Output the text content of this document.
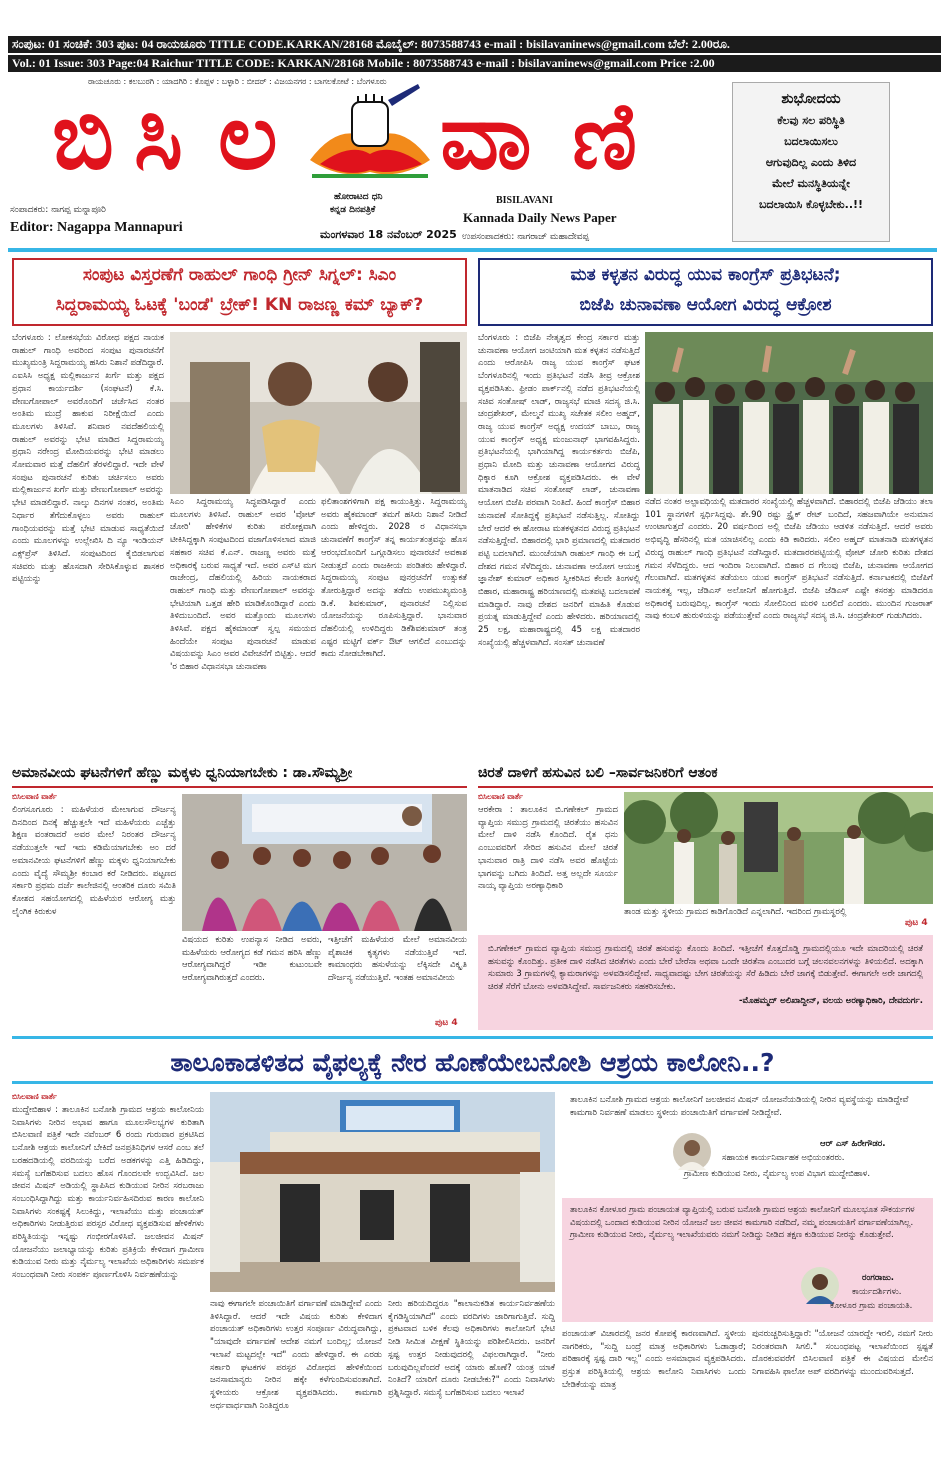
ಸಂಪುಟ: 01 ಸಂಚಿಕೆ: 303 ಪುಟ: 04 ರಾಯಚೂರು TITLE CODE.KARKAN/28168 ಮೊಬೈಲ್: 8073588743 e-mail : bisilavaninews@gmail.com ಬೆಲೆ: 2.00ರೂ.
Vol.: 01 Issue: 303 Page:04 Raichur TITLE CODE: KARKAN/28168 Mobile : 8073588743 e-mail : bisilavaninews@gmail.com Price :2.00
ರಾಯಚೂರು : ಕಲಬುರಗಿ : ಯಾದಗಿರಿ : ಕೊಪ್ಪಳ : ಬಳ್ಳಾರಿ : ಬೀದರ್ : ವಿಜಯನಗರ : ಬಾಗಲಕೋಟೆ : ಬೆಂಗಳೂರು
ಬಿ ಸಿ ಲ ವಾ ಣಿ
ಹೋರಾಟದ ಧನಿ
ಕನ್ನಡ ದಿನಪತ್ರಿಕೆ
BISILAVANI
Kannada Daily News Paper
ಸಂಪಾದಕರು: ನಾಗಪ್ಪ ಮನ್ನಾಪೂರಿ
Editor: Nagappa Mannapuri	ಮಂಗಳವಾರ 18 ನವೆಂಬರ್ 2025 ಉಪಸಂಪಾದಕರು: ನಾಗರಾಜ್ ಮಹಾದೇವಪ್ಪ
ಶುಭೋದಯ
ಕೆಲವು ಸಲ ಪರಿಸ್ಥಿತಿ
ಬದಲಾಯಿಸಲು
ಆಗುವುದಿಲ್ಲ ಎಂದು ತಿಳಿದ
ಮೇಲೆ ಮನಸ್ಥಿತಿಯನ್ನೇ
ಬದಲಾಯಿಸಿ ಕೊಳ್ಳಬೇಕು..!!
ಸಂಪುಟ ವಿಸ್ತರಣೆಗೆ ರಾಹುಲ್ ಗಾಂಧಿ ಗ್ರೀನ್ ಸಿಗ್ನಲ್: ಸಿಎಂ
ಸಿದ್ದರಾಮಯ್ಯ ಓಟಕ್ಕೆ 'ಬಂಡೆ' ಬ್ರೇಕ್! KN ರಾಜಣ್ಣ ಕಮ್ ಬ್ಯಾಕ್?
ಬೆಂಗಳೂರು : ಲೋಕಸಭೆಯ ವಿರೋಧ ಪಕ್ಷದ ನಾಯಕ ರಾಹುಲ್ ಗಾಂಧಿ ಅವರಿಂದ ಸಂಪುಟ ಪುನಾರಚನೆಗೆ ಮುಖ್ಯಮಂತ್ರಿ ಸಿದ್ದರಾಮಯ್ಯ ಹಸಿರು ನಿಶಾನೆ ಪಡೆದಿದ್ದಾರೆ. ಎಐಸಿಸಿ ಅಧ್ಯಕ್ಷ ಮಲ್ಲಿಕಾರ್ಜುನ ಖರ್ಗೆ ಮತ್ತು ಪಕ್ಷದ ಪ್ರಧಾನ ಕಾರ್ಯದರ್ಶಿ (ಸಂಘಟನೆ) ಕೆ.ಸಿ. ವೇಣುಗೋಪಾಲ್ ಅವರೊಂದಿಗೆ ಚರ್ಚೆಸಿದ ನಂತರ ಅಂತಿಮ ಮುದ್ರೆ ಹಾಕುವ ನಿರೀಕ್ಷೆಯಿದೆ ಎಂದು ಮೂಲಗಳು ತಿಳಿಸಿವೆ. ಶನಿವಾರ ನವದೆಹಲಿಯಲ್ಲಿ ರಾಹುಲ್ ಅವರನ್ನು ಭೇಟಿ ಮಾಡಿದ ಸಿದ್ದರಾಮಯ್ಯ ಪ್ರಧಾನಿ ನರೇಂದ್ರ ಮೋದಿಯವರನ್ನು ಭೇಟಿ ಮಾಡಲು ಸೋಮವಾರ ಮತ್ತೆ ದೆಹಲಿಗೆ ತೆರಳಲಿದ್ದಾರೆ. ಇದೇ ವೇಳೆ ಸಂಪುಟ ಪುನಾರಚನೆ ಕುರಿತು ಚರ್ಚಿಸಲು ಅವರು ಮಲ್ಲಿಕಾರ್ಜುನ ಖರ್ಗೆ ಮತ್ತು ವೇಣುಗೋಪಾಲ್ ಅವರನ್ನು ಭೇಟಿ ಮಾಡಲಿದ್ದಾರೆ. ನಾಲ್ಕು ದಿನಗಳ ನಂತರ, ಅಂತಿಮ ನಿರ್ಧಾರ ತೆಗೆದುಕೊಳ್ಳಲು ಅವರು ರಾಹುಲ್ ಗಾಂಧಿಯವರನ್ನು ಮತ್ತೆ ಭೇಟಿ ಮಾಡುವ ಸಾಧ್ಯತೆಯಿದೆ ಎಂದು ಮೂಲಗಳನ್ನು ಉಲ್ಲೇಖಿಸಿ ದಿ ನ್ಯೂ ಇಂಡಿಯನ್ ಎಕ್ಸ್‌ಪ್ರೆಸ್ ತಿಳಿಸಿದೆ. ಸಂಪುಟದಿಂದ ಕೈಬಿಡಲಾಗುವ ಸಚಿವರು ಮತ್ತು ಹೊಸದಾಗಿ ಸೇರಿಸಿಕೊಳ್ಳುವ ಶಾಸಕರ ಪಟ್ಟಿಯನ್ನು
ಸಿಎಂ ಸಿದ್ದರಾಮಯ್ಯ ಸಿದ್ಧಪಡಿಸಿದ್ದಾರೆ ಎಂದು ಮೂಲಗಳು ತಿಳಿಸಿವೆ. ರಾಹುಲ್ ಅವರ 'ವೋಟ್ ಚೋರಿ' ಹೇಳಿಕೆಗಳ ಕುರಿತು ಪರೋಕ್ಷವಾಗಿ ಟೀಕಿಸಿದ್ದಕ್ಕಾಗಿ ಸಂಪುಟದಿಂದ ವಜಾಗೊಳಿಸಲಾದ ಮಾಜಿ ಸಹಕಾರ ಸಚಿವ ಕೆ.ಎನ್. ರಾಜಣ್ಣ ಅವರು ಮತ್ತೆ ಅಧಿಕಾರಕ್ಕೆ ಬರುವ ಸಾಧ್ಯತೆ ಇದೆ. ಅವರ ಎಸ್‌ಟಿ ಮಗ ರಾಜೇಂದ್ರ, ದೆಹಲಿಯಲ್ಲಿ ಹಿರಿಯ ನಾಯಕರಾದ ರಾಹುಲ್ ಗಾಂಧಿ ಮತ್ತು ವೇಣುಗೋಪಾಲ್ ಅವರನ್ನು ಭೇಟಿಯಾಗಿ ಒತ್ತಡ ಹೇರಿ ಮಾಡಿಕೊಂಡಿದ್ದಾರೆ ಎಂದು ತಿಳಿದುಬಂದಿದೆ. ಅವರ ಮತ್ತೊಂದು ಮೂಲಗಳು ತಿಳಿಸಿವೆ. ಪಕ್ಷದ ಹೈಕಮಾಂಡ್ ಸ್ವಲ್ಪ ಸಮಯದ ಹಿಂದೆಯೇ ಸಂಪುಟ ಪುನಾರಚನೆ ಮಾಡುವ ವಿಷಯವನ್ನು ಸಿಎಂ ಅವರ ವಿವೇಚನೆಗೆ ಬಿಟ್ಟಿತ್ತು. ಆದರೆ 'ರ ಬಿಹಾರ ವಿಧಾನಸಭಾ ಚುನಾವಣಾ
ಫಲಿತಾಂಶಗಳಿಗಾಗಿ ಪಕ್ಷ ಕಾಯುತ್ತಿತ್ತು. ಸಿದ್ದರಾಮಯ್ಯ ಅವರು ಹೈಕಮಾಂಡ್ ತಮಗೆ ಹಸಿರು ನಿಶಾನೆ ನೀಡಿದೆ ಎಂದು ಹೇಳಿದ್ದರು. 2028 ರ ವಿಧಾನಸಭಾ ಚುನಾವಣೆಗೆ ಕಾಂಗ್ರೆಸ್ ತನ್ನ ಕಾರ್ಯತಂತ್ರವನ್ನು ಹೊಸ ಆರಂಭದೊಂದಿಗೆ ಒಗ್ಗೂಡಿಸಲು ಪುನಾರಚನೆ ಅವಕಾಶ ನೀಡುತ್ತದೆ ಎಂದು ರಾಜಕೀಯ ಪಂಡಿತರು ಹೇಳಿದ್ದಾರೆ. ಸಿದ್ದರಾಮಯ್ಯ ಸಂಪುಟ ಪುನರ್ರಚನೆಗೆ ಉತ್ಸುಕತೆ ತೋರುತ್ತಿದ್ದಾರೆ ಅದನ್ನು ತಡೆದು ಉಪಮುಖ್ಯಮಂತ್ರಿ ಡಿ.ಕೆ. ಶಿವಕುಮಾರ್, ಪುನಾರಚನೆ ನಿಲ್ಲಿಸುವ ಯೋಜನೆಯನ್ನು ರೂಪಿಸುತ್ತಿದ್ದಾರೆ. ಭಾನುವಾರ ದೆಹಲಿಯಲ್ಲಿ ಉಳಿದಿದ್ದರು ಡಿಕೆಶಿವಕುಮಾರ್ ತಂತ್ರ ಎಷ್ಟರ ಮಟ್ಟಿಗೆ ವರ್ಕ್ ಔಟ್ ಆಗಲಿದೆ ಎಂಬುದನ್ನು ಕಾದು ನೋಡಬೇಕಾಗಿದೆ.
ಮತ ಕಳ್ಳತನ ವಿರುದ್ಧ ಯುವ ಕಾಂಗ್ರೆಸ್ ಪ್ರತಿಭಟನೆ;
ಬಿಜೆಪಿ ಚುನಾವಣಾ ಆಯೋಗ ವಿರುದ್ಧ ಆಕ್ರೋಶ
ಬೆಂಗಳೂರು : ಬಿಜೆಪಿ ನೇತೃತ್ವದ ಕೇಂದ್ರ ಸರ್ಕಾರ ಮತ್ತು ಚುನಾವಣಾ ಆಯೋಗ ಜಂಟಿಯಾಗಿ ಮತ ಕಳ್ಳತನ ನಡೆಸುತ್ತಿದೆ ಎಂದು ಆರೋಪಿಸಿ ರಾಜ್ಯ ಯುವ ಕಾಂಗ್ರೆಸ್ ಘಟಕ ಬೆಂಗಳೂರಿನಲ್ಲಿ ಇಂದು ಪ್ರತಿಭಟನೆ ನಡೆಸಿ ತೀವ್ರ ಆಕ್ರೋಶ ವ್ಯಕ್ತಪಡಿಸಿತು. ಫ್ರೀಡಂ ಪಾರ್ಕ್‌ನಲ್ಲಿ ನಡೆದ ಪ್ರತಿಭಟನೆಯಲ್ಲಿ ಸಚಿವ ಸಂತೋಷ್ ಲಾಡ್, ರಾಜ್ಯಸಭೆ ಮಾಜಿ ಸದಸ್ಯ ಜಿ.ಸಿ. ಚಂದ್ರಶೇಖರ್, ಮೇಲ್ಮನೆ ಮುಖ್ಯ ಸಚೇತಕ ಸಲೀಂ ಅಹ್ಮದ್, ರಾಜ್ಯ ಯುವ ಕಾಂಗ್ರೆಸ್ ಅಧ್ಯಕ್ಷ ಉದಯ್ ಬಾಬು, ರಾಜ್ಯ ಯುವ ಕಾಂಗ್ರೆಸ್ ಅಧ್ಯಕ್ಷ ಮಂಜುನಾಥ್ ಭಾಗವಹಿಸಿದ್ದರು. ಪ್ರತಿಭಟನೆಯಲ್ಲಿ ಭಾಗಿಯಾಗಿದ್ದ ಕಾರ್ಯಕರ್ತರು ಬಿಜೆಪಿ, ಪ್ರಧಾನಿ ಮೋದಿ ಮತ್ತು ಚುನಾವಣಾ ಆಯೋಗದ ವಿರುದ್ಧ ಧಿಕ್ಕಾರ ಕೂಗಿ ಆಕ್ರೋಶ ವ್ಯಕ್ತಪಡಿಸಿದರು. ಈ ವೇಳೆ ಮಾತನಾಡಿದ ಸಚಿವ ಸಂತೋಷ್ ಲಾಡ್, ಚುನಾವಣಾ ಆಯೋಗ ಬಿಜೆಪಿ ಪರವಾಗಿ ನಿಂತಿದೆ. ಹಿಂದೆ ಕಾಂಗ್ರೆಸ್ ಬಿಹಾರ ಚುನಾವಣೆ ಸೋತಿದ್ದಕ್ಕೆ ಪ್ರತಿಭಟನೆ ನಡೆಸುತ್ತಿಲ್ಲ. ಸೋತಿದ್ದು ಬೇರೆ ಆದರೆ ಈ ಹೋರಾಟ ಮತಕಳ್ಳತನದ ವಿರುದ್ಧ ಪ್ರತಿಭಟನೆ ನಡೆಸುತ್ತಿದ್ದೇವೆ. ಬಿಹಾರದಲ್ಲಿ ಭಾರಿ ಪ್ರಮಾಣದಲ್ಲಿ ಮತದಾರರ ಪಟ್ಟಿ ಬದಲಾಗಿದೆ. ಮುಂಚೆಯಾಗಿ ರಾಹುಲ್ ಗಾಂಧಿ ಈ ಬಗ್ಗೆ ದೇಶದ ಗಮನ ಸೆಳೆದಿದ್ದರು. ಚುನಾವಣಾ ಆಯೋಗ ಆಯುಕ್ತ ಜ್ಞಾನೇಶ್ ಕುಮಾರ್ ಅಧಿಕಾರ ಸ್ವೀಕರಿಸಿದ ಕೆಲವೇ ತಿಂಗಳಲ್ಲಿ ಬಿಹಾರ, ಮಹಾರಾಷ್ಟ್ರ ಹರಿಯಾಣದಲ್ಲಿ ಮತಪಟ್ಟಿ ಬದಲಾವಣೆ ಮಾಡಿದ್ದಾರೆ. ನಾವು ದೇಶದ ಜನರಿಗೆ ಮಾಹಿತಿ ಕೊಡುವ ಪ್ರಯತ್ನ ಮಾಡುತ್ತಿದ್ದೇವೆ ಎಂದು ಹೇಳಿದರು. ಹರಿಯಾಣದಲ್ಲಿ 25 ಲಕ್ಷ, ಮಹಾರಾಷ್ಟ್ರದಲ್ಲಿ 45 ಲಕ್ಷ ಮತದಾರರ ಸಂಖ್ಯೆಯಲ್ಲಿ ಹೆಚ್ಚಳವಾಗಿದೆ. ಸಂಸತ್ ಚುನಾವಣೆ
ನಡೆದ ನಂತರ ಅಲ್ಪಾವಧಿಯಲ್ಲಿ ಮತದಾರರ ಸಂಖ್ಯೆಯಲ್ಲಿ ಹೆಚ್ಚಳವಾಗಿದೆ. ಬಿಹಾರದಲ್ಲಿ ಬಿಜೆಪಿ ಜೆಡಿಯು ತಲಾ 101 ಸ್ಥಾನಗಳಿಗೆ ಸ್ಪರ್ಧಿಸಿದ್ದವು. ಶೇ.90 ರಷ್ಟು ಸ್ಟ್ರೈಕ್ ರೇಟ್ ಬಂದಿದೆ, ಸಹಜವಾಗಿಯೇ ಅನುಮಾನ ಉಂಟಾಗುತ್ತದೆ ಎಂದರು. 20 ವರ್ಷದಿಂದ ಅಲ್ಲಿ ಬಿಜೆಪಿ ಜೆಡಿಯು ಆಡಳಿತ ನಡೆಸುತ್ತಿದೆ. ಆದರೆ ಅವರು ಅಭಿವೃದ್ಧಿ ಹೆಸರಿನಲ್ಲಿ ಮತ ಯಾಚಿಸಲಿಲ್ಲ ಎಂದು ಕಿಡಿ ಕಾರಿದರು. ಸಲೀಂ ಅಹ್ಮದ್ ಮಾತನಾಡಿ ಮತಗಳ್ಳತನ ವಿರುದ್ಧ ರಾಹುಲ್ ಗಾಂಧಿ ಪ್ರತಿಭಟನೆ ನಡೆಸಿದ್ದಾರೆ. ಮತದಾರರಪಟ್ಟಿಯಲ್ಲಿ ವೋಟ್ ಚೋರಿ ಕುರಿತು ದೇಶದ ಗಮನ ಸೆಳೆದಿದ್ದರು. ಆದ ಇಂದಿರಾ ನಿಲುವಾಗಿದೆ. ಬಿಹಾರ ದ ಗೆಲುವು ಬಿಜೆಪಿ, ಚುನಾವಣಾ ಆಯೋಗದ ಗೆಲುವಾಗಿದೆ. ಮತಗಳ್ಳತನ ತಡೆಯಲು ಯುವ ಕಾಂಗ್ರೆಸ್ ಪ್ರತಿಭಟನೆ ನಡೆಸುತ್ತಿದೆ. ಕರ್ನಾಟಕದಲ್ಲಿ ಬಿಜೆಪಿಗೆ ನಾಯಕತ್ವ ಇಲ್ಲ, ಜೆಡಿಎಸ್ ಅಲೋನಿಗೆ ಹೋಗುತ್ತಿದೆ. ಬಿಜೆಪಿ ಜೆಡಿಎಸ್ ಎಷ್ಟೇ ಕಸರತ್ತು ಮಾಡಿದರೂ ಅಧಿಕಾರಕ್ಕೆ ಬರುವುದಿಲ್ಲ. ಕಾಂಗ್ರೆಸ್ ಇಂದು ಸೋಲಿನಿಂದ ಮರಳಿ ಬರಲಿದೆ ಎಂದರು. ಮುಂದಿನ ಗುಜರಾತ್ ನಾವು ಕಂಬಳಿ ಹುರುಳಿಯನ್ನು ಪಡೆಯುತ್ತೇವೆ ಎಂದು ರಾಜ್ಯಸಭೆ ಸದಸ್ಯ ಜಿ.ಸಿ. ಚಂದ್ರಶೇಖರ್ ಗುಡುಗಿದರು.
ಅಮಾನವೀಯ ಘಟನೆಗಳಿಗೆ ಹೆಣ್ಣು ಮಕ್ಕಳು ಧ್ವನಿಯಾಗಬೇಕು : ಡಾ.ಸೌಮ್ಯಶ್ರೀ
ಬಿಸಿಲವಾಣಿ ವಾರ್ತೆ
ಲಿಂಗಸೂಗೂರು : ಮಹಿಳೆಯರ ಮೇಲಾಗುವ ದೌರ್ಜನ್ಯ ದಿನದಿಂದ ದಿನಕ್ಕೆ ಹೆಚ್ಚುತ್ತಲೇ ಇದೆ ಮಹಿಳೆಯರು ಎಚ್ಚೆತ್ತು ಶಿಕ್ಷಣ ವಂತರಾದರೆ ಅವರ ಮೇಲೆ ನಿರಂತರ ದೌರ್ಜನ್ಯ ನಡೆಯುತ್ತಲೇ ಇದೆ ಇದು ಕಡಿಮೆಯಾಗಬೇಕು ಅಂ ದರೆ ಅಮಾನವೀಯ ಘಟನೆಗಳಿಗೆ ಹೆಣ್ಣು ಮಕ್ಕಳು ಧ್ವನಿಯಾಗಬೇಕು ಎಂದು ವೈದ್ಯೆ ಸೌಮ್ಯಶ್ರೀ ಕಂಬಾರ ಕರೆ ನೀಡಿದರು. ಪಟ್ಟಣದ ಸರ್ಕಾರಿ ಪ್ರಥಮ ದರ್ಜೆ ಕಾಲೇಜಿನಲ್ಲಿ ಆಂತರಿಕ ದೂರು ಸಮಿತಿ ಕೋಶದ ಸಹಯೋಗದಲ್ಲಿ ಮಹಿಳೆಯರ ಆರೋಗ್ಯ ಮತ್ತು ಲೈಂಗಿಕ ಕಿರುಕುಳ
ವಿಷಯದ ಕುರಿತು ಉಪನ್ಯಾಸ ನೀಡಿದ ಅವರು, ಮಹಿಳೆಯರು ಆರೋಗ್ಯದ ಕಡೆ ಗಮನ ಹರಿಸಿ ಹೆಣ್ಣು ಆರೋಗ್ಯವಾಗಿದ್ದರೆ ಇಡೀ ಕುಟುಂಬವೇ ಆರೋಗ್ಯವಾಗಿರುತ್ತದೆ ಎಂದರು.
ಇತ್ತೀಚೆಗೆ ಮಹಿಳೆಯರ ಮೇಲೆ ಅಮಾನವೀಯ ಪೈಶಾಚಿಕ ಕೃತ್ಯಗಳು ನಡೆಯುತ್ತಿವೆ ಇದೆ. ಕಾಮಾಂಧರು ಹಸುಳೆಯನ್ನು ಲೆಕ್ಕಿಸದೇ ವಿಕ್ಕೃತಿ ದೌರ್ಜನ್ಯ ನಡೆಯುತ್ತಿವೆ. ಇಂತಹ ಅಮಾನವೀಯ
ಪುಟ 4
ಚಿರತೆ ದಾಳಿಗೆ ಹಸುವಿನ ಬಲಿ –ಸಾರ್ವಜನಿಕರಿಗೆ ಆತಂಕ
ಬಿಸಿಲವಾಣಿ ವಾರ್ತೆ
ಆರಕೇರಾ : ತಾಲೂಕಿನ ಬಿ.ಗಣೇಕಲ್ ಗ್ರಾಮದ ವ್ಯಾಪ್ತಿಯ ಸಮುದ್ರ ಗ್ರಾಮದಲ್ಲಿ ಚಿರತೆಯು ಹಸುವಿನ ಮೇಲೆ ದಾಳಿ ನಡೆಸಿ ಕೊಂದಿದೆ. ರೈತ ಧನು ಎಂಬುವವರಿಗೆ ಸೇರಿದ ಹಸುವಿನ ಮೇಲೆ ಚಿರತೆ ಭಾನುವಾರ ರಾತ್ರಿ ದಾಳಿ ನಡೆಸಿ ಅವರ ಹೊಟ್ಟೆಯ ಭಾಗವನ್ನು ಬಗಿದು ತಿಂದಿದೆ. ಅತ್ತ ಅಲ್ಲದೇ ಸೂರ್ಯ ನಾಯ್ಕ ವ್ಯಾಪ್ತಿಯ ಅರಣ್ಯಾಧಿಕಾರಿ
ತಾಂಡ ಮತ್ತು ಸ್ಥಳೀಯ ಗ್ರಾಮದ ಕಾಡಿಗೊಂಡಿದೆ ಎನ್ನಲಾಗಿದೆ. ಇದರಿಂದ ಗ್ರಾಮಸ್ಥರಲ್ಲಿ
ಪುಟ 4
ಬಿ.ಗಣೇಕಲ್ ಗ್ರಾಮದ ವ್ಯಾಪ್ತಿಯ ಸಮುದ್ರ ಗ್ರಾಮದಲ್ಲಿ ಚಿರತೆ ಹಸುವನ್ನು ಕೊಂದು ತಿಂದಿದೆ. ಇತ್ತೀಚೆಗೆ ಕೊತ್ತದೊಡ್ಡಿ ಗ್ರಾಮದಲ್ಲಿಯೂ ಇದೇ ಮಾದರಿಯಲ್ಲಿ ಚಿರತೆ ಹಸುವನ್ನು ಕೊಂದಿತ್ತು. ಪ್ರತೀಕ ದಾಳಿ ನಡೆಸಿದ ಚಿರತೆಗಳು ಎಂದು ಬೇರೆ ಬೇರೆನಾ ಅಥವಾ ಒಂದೇ ಚಿರತೆನಾ ಎಂಬುದರ ಬಗ್ಗೆ ಚಲನವಲನಗಳನ್ನು ತಿಳಿಯಲಿದೆ. ಅದಕ್ಕಾಗಿ ಸುಮಾರು 3 ಗ್ರಾಮಗಳಲ್ಲಿ ಕ್ಯಾಮರಾಗಳನ್ನು ಅಳವಡಿಸಲಿದ್ದೇವೆ. ಸಾಧ್ಯವಾದಷ್ಟು ಬೇಗ ಚಿರತೆಯನ್ನು ಸೆರೆ ಹಿಡಿದು ಬೇರೆ ಜಾಗಕ್ಕೆ ಬಿಡುತ್ತೇವೆ. ಈಗಾಗಲೇ ಅರೇ ಜಾಗದಲ್ಲಿ ಚಿರತೆ ಸೆರೆಗೆ ಬೋನು ಅಳವಡಿಸಿದ್ದೇವೆ. ಸಾರ್ವಜನಿಕರು ಸಹಕರಿಸಬೇಕು.
-ಮೊಹಮ್ಮದ್ ಅಲಿಖಾದ್ದೀನ್, ವಲಯ ಅರಣ್ಯಾಧಿಕಾರಿ, ದೇವದುರ್ಗ.
ತಾಲೂಕಾಡಳಿತದ ವೈಫಲ್ಯಕ್ಕೆ ನೇರ ಹೊಣೆಯೇಬನೋಶಿ ಆಶ್ರಯ ಕಾಲೋನಿ..?
ಬಿಸಿಲವಾಣಿ ವಾರ್ತೆ
ಮುದ್ದೇಬಿಹಾಳ : ತಾಲೂಕಿನ ಬನೋಶಿ ಗ್ರಾಮದ ಆಶ್ರಯ ಕಾಲೋನಿಯ ನಿವಾಸಿಗಳು ನೀರಿನ ಅಭಾವ ಹಾಗೂ ಮೂಲಸೌಲಭ್ಯಗಳ ಕುರಿತಾಗಿ ಬಿಸಿಲವಾಣಿ ಪತ್ರಿಕೆ ಇದೇ ನವೆಂಬರ್ 6 ರಂದು ಗುರುವಾರ ಪ್ರಕಟಿಸಿದ ಬನೋಶಿ ಆಶ್ರಯ ಕಾಲೋನಿಗೆ ಬೇಕಿದೆ ಜನಪ್ರತಿನಿಧಿಗಳ ಆಸರೆ ಎಂಬ ತಲೆ ಬರಹದಡಿಯಲ್ಲಿ ವರದಿಯನ್ನು ಬರೆದ ಅಡಕಗಳನ್ನು ಎತ್ತಿ ಹಿಡಿದಿದ್ದು, ಸಮಸ್ಯೆ ಬಗೆಹರಿಸುವ ಬದಲು ಹೊಸ ಗೊಂದಲವೇ ಉದ್ಭವಿಸಿದೆ. ಜಲ ಜೀವನ ಮಿಷನ್ ಅಡಿಯಲ್ಲಿ ಸ್ಥಾಪಿಸಿದ ಕುಡಿಯುವ ನೀರಿನ ಸರಬರಾಜು ಸಂಬಂಧಿಸಿದ್ದಾಗಿದ್ದು ಮತ್ತು ಕಾರ್ಯನಿರ್ವಹಿಸದಿರುವ ಕಾರಣ ಕಾಲೋನಿ ನಿವಾಸಿಗಳು ಸಂಕಷ್ಟಕ್ಕೆ ಸಿಲುಕಿದ್ದು, ಇಲಾಖೆಯು ಮತ್ತು ಪಂಚಾಯತ್ ಅಧಿಕಾರಿಗಳು ನೀಡುತ್ತಿರುವ ಪರಸ್ಪರ ವಿರೋಧ ವ್ಯಕ್ತಪಡಿಸುವ ಹೇಳಿಕೆಗಳು ಪರಿಸ್ಥಿತಿಯನ್ನು ಇನ್ನಷ್ಟು ಗಂಭೀರಗೊಳಿಸಿವೆ. ಜಲಜೀವನ ಮಿಷನ್ ಯೋಜನೆಯು ಜಲಾಭ್ಯಾಯನ್ನು ಕುರಿತು ಪ್ರತಿಕ್ರಿಯೆ ಕೇಳಿದಾಗ ಗ್ರಾಮೀಣ ಕುಡಿಯುವ ನೀರು ಮತ್ತು ನೈರ್ಮಲ್ಯ ಇಲಾಖೆಯ ಅಧಿಕಾರಿಗಳು ಸಮರ್ಪಕ ಸಂಬಂಧವಾಗಿ ನೀರು ಸಂಪರ್ಕ ಪೂರ್ಣಗೊಳಿಸಿ ನಿರ್ವಹಣೆಯನ್ನು
ನಾವು ಈಗಾಗಲೇ ಪಂಚಾಯಿತಿಗೆ ವರ್ಗಾವಣೆ ಮಾಡಿದ್ದೇವೆ ಎಂದು ತಿಳಿಸಿದ್ದಾರೆ. ಆದರೆ ಇದೇ ವಿಷಯ ಕುರಿತು ಕೇಳಿದಾಗ ಪಂಚಾಯತ್ ಅಧಿಕಾರಿಗಳು ಉತ್ತರ ಸಂಪೂರ್ಣ ವಿರುದ್ಧವಾಗಿದ್ದು, "ಯಾವುದೇ ವರ್ಗಾವಣೆ ಆದೇಶ ನಮಗೆ ಬಂದಿಲ್ಲ; ಯೋಜನೆ ಇಲಾಖೆ ಮಟ್ಟದಲ್ಲೇ ಇದೆ" ಎಂದು ಹೇಳಿದ್ದಾರೆ. ಈ ಎರಡು ಸರ್ಕಾರಿ ಘಟಕಗಳ ಪರಸ್ಪರ ವಿರೋಧದ ಹೇಳಿಕೆಯಿಂದ ಜನಸಾಮಾನ್ಯರು ನೀರಿನ ಹಕ್ಕೇ ಕಳೆಗುಂದಿಸುವಂತಾಗಿದೆ. ಸ್ಥಳೀಯರು ಆಕ್ರೋಶ ವ್ಯಕ್ತಪಡಿಸಿದರು. ಕಾಮಗಾರಿ ಅರ್ಧವಾರ್ಧವಾಗಿ ನಿಂತಿದ್ದರೂ
ನೀರು ಹರಿಯದಿದ್ದರೂ "ಕಾಲಾನುಕಡಿತ ಕಾರ್ಯನಿರ್ವಹಣೆಯ ಕೈಗಡಿಸ್ಥಿಯಾಗಿದೆ" ಎಂದು ವರದಿಗಳು ಜಾರಿಗಾಗುತ್ತಿವೆ. ಸುದ್ದಿ ಪ್ರಕಟವಾದ ಬಳಿಕ ಕೆಲವು ಅಧಿಕಾರಿಗಳು ಕಾಲೋನಿಗೆ ಭೇಟಿ ನೀಡಿ ಸೀಮಿತ ವೀಕ್ಷಣೆ ಸ್ಥಿತಿಯನ್ನು ಪರಿಶೀಲಿಸಿದರು. ಜನರಿಗೆ ಸ್ಪಷ್ಟ ಉತ್ತರ ನೀಡುವುದರಲ್ಲಿ ವಿಫಲರಾಗಿದ್ದಾರೆ. "ನೀರು ಬರುವುದಿಲ್ಲವೆಂದರೆ ಅದಕ್ಕೆ ಯಾರು ಹೊಣೆ? ಯಂತ್ರ ಯಾಕೆ ನಿಂತಿದೆ? ಯಾರಿಗೆ ದೂರು ನೀಡಬೇಕು?" ಎಂದು ನಿವಾಸಿಗಳು ಪ್ರಶ್ನಿಸಿದ್ದಾರೆ. ಸಮಸ್ಯೆ ಬಗೆಹರಿಸುವ ಬದಲು ಇಲಾಖೆ
ಪಂಚಾಯತ್ ವಿಚಾರದಲ್ಲಿ ಜನರ ಕೋಪಕ್ಕೆ ಕಾರಣವಾಗಿದೆ. ಸ್ಥಳೀಯ ನಾಗರಿಕರು, "ಸುದ್ದಿ ಬಂದ್ರೆ ಮಾತ್ರ ಅಧಿಕಾರಿಗಳು ಓಡಾಡ್ತಾರೆ; ಪರಿಹಾರಕ್ಕೆ ಸ್ಪಷ್ಟ ದಾರಿ ಇಲ್ಲ" ಎಂದು ಅಸಮಾಧಾನ ವ್ಯಕ್ತಪಡಿಸಿದರು. ಪ್ರಸ್ತುತ ಪರಿಸ್ಥಿತಿಯಲ್ಲಿ ಆಶ್ರಯ ಕಾಲೋನಿ ನಿವಾಸಿಗಳು ಒಂದು ಬೇಡಿಕೆಯನ್ನು ಮಾತ್ರ
ಪುನರುಚ್ಚರಿಸುತ್ತಿದ್ದಾರೆ: "ಯೋಜನೆ ಯಾರದ್ದೇ ಇರಲಿ, ನಮಗೆ ನೀರು ನಿರಂತರವಾಗಿ ಸಿಗಲಿ." ಸಂಬಂಧಪಟ್ಟ ಇಲಾಖೆಯಿಂದ ಸ್ಪಷ್ಟತೆ ದೊರಕುವವರೆಗೆ ಬಿಸಿಲವಾಣಿ ಪತ್ರಿಕೆ ಈ ವಿಷಯದ ಮೇಲಿನ ನಿಗಾವಹಿಸಿ ಫಾಲೋ ಅಪ್ ವರದಿಗಳನ್ನು ಮುಂದುವರಿಸುತ್ತದೆ.
ತಾಲೂಕಿನ ಬನೋಶಿ ಗ್ರಾಮದ ಆಶ್ರಯ ಕಾಲೋನಿಗೆ ಜಲಜೀವನ ಮಿಷನ್ ಯೋಜನೆಯಡಿಯಲ್ಲಿ ನೀರಿನ ವ್ಯವಸ್ಥೆಯನ್ನು ಮಾಡಿದ್ದೇವೆ ಕಾಮಗಾರಿ ನಿರ್ವಹಣೆ ಮಾಡಲು ಸ್ಥಳೀಯ ಪಂಚಾಯಿತಿಗೆ ವರ್ಗಾವಣೆ ನೀಡಿದ್ದೇವೆ.
ಆರ್ ಎಸ್ ಹಿರೇಗೌಡರ.
ಸಹಾಯಕ ಕಾರ್ಯನಿರ್ವಾಹಕ ಅಭಿಯಂತರರು.
ಗ್ರಾಮೀಣ ಕುಡಿಯುವ ನೀರು, ನೈರ್ಮಲ್ಯ ಉಪ ವಿಭಾಗ ಮುದ್ದೇಬಿಹಾಳ.
ತಾಲೂಕಿನ ಕೋಳೂರ ಗ್ರಾಮ ಪಂಚಾಯತ ವ್ಯಾಪ್ತಿಯಲ್ಲಿ ಬರುವ ಬನೋಶಿ ಗ್ರಾಮದ ಆಶ್ರಯ ಕಾಲೋನಿಗೆ ಮೂಲಭೂತ ಸೌಕರ್ಯಗಳ ವಿಷಯದಲ್ಲಿ ಒಂದಾದ ಕುಡಿಯುವ ನೀರಿನ ಯೋಜನೆ ಜಲ ಜೀವನ ಕಾಮಗಾರಿ ನಡೆದಿದೆ, ನಮ್ಮ ಪಂಚಾಯತಿಗೆ ವರ್ಗಾವಣೆಯಾಗಿಲ್ಲ. ಗ್ರಾಮೀಣ ಕುಡಿಯುವ ನೀರು, ನೈರ್ಮಲ್ಯ ಇಲಾಖೆಯವರು ನಮಗೆ ನೀಡಿದ್ದು ನೀಡಿದ ತಕ್ಷಣ ಕುಡಿಯುವ ನೀರನ್ನು ಕೊಡುತ್ತೇವೆ.
ರಂಗರಾಜು.
ಕಾರ್ಯದರ್ಶಿಗಳು.
ಕೋಳೂರ ಗ್ರಾಮ ಪಂಚಾಯತಿ.
